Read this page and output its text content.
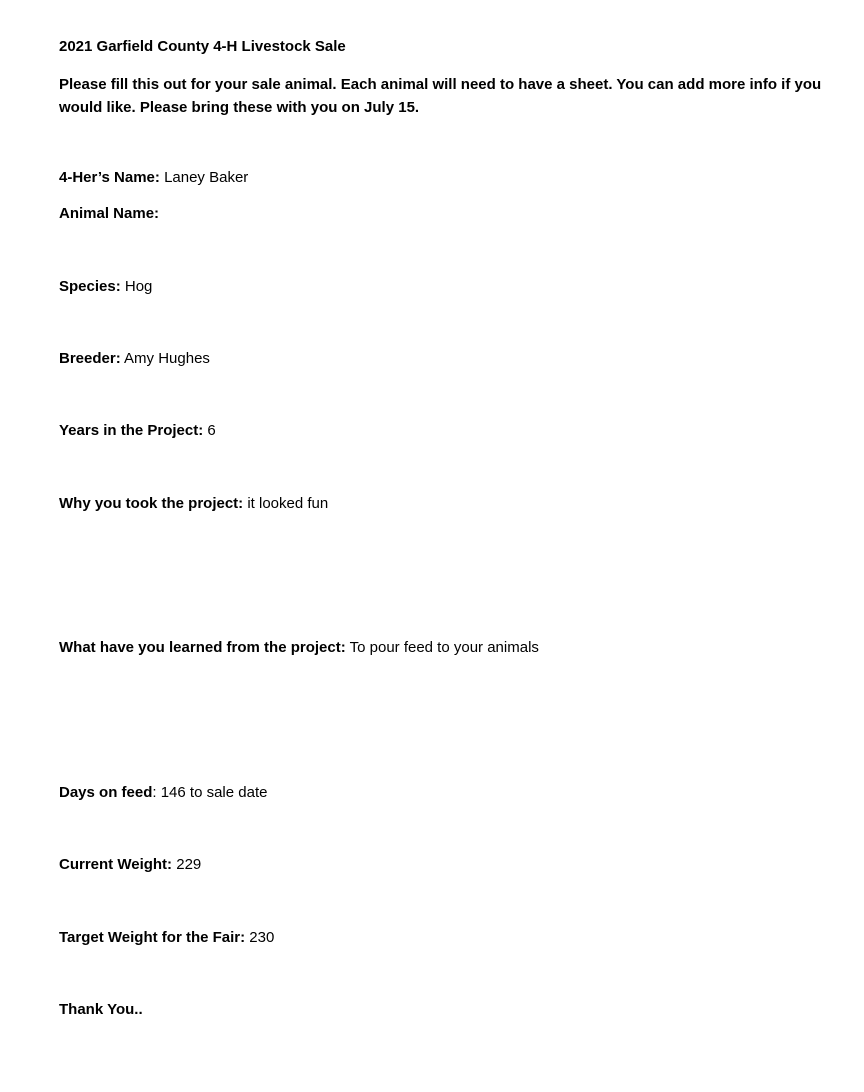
2021 Garfield County 4-H Livestock Sale
Please fill this out for your sale animal. Each animal will need to have a sheet. You can add more info if you would like. Please bring these with you on July 15.
4-Her’s Name: Laney Baker
Animal Name:
Species: Hog
Breeder: Amy Hughes
Years in the Project: 6
Why you took the project: it looked fun
What have you learned from the project: To pour feed to your animals
Days on feed: 146 to sale date
Current Weight: 229
Target Weight for the Fair: 230
Thank You..
